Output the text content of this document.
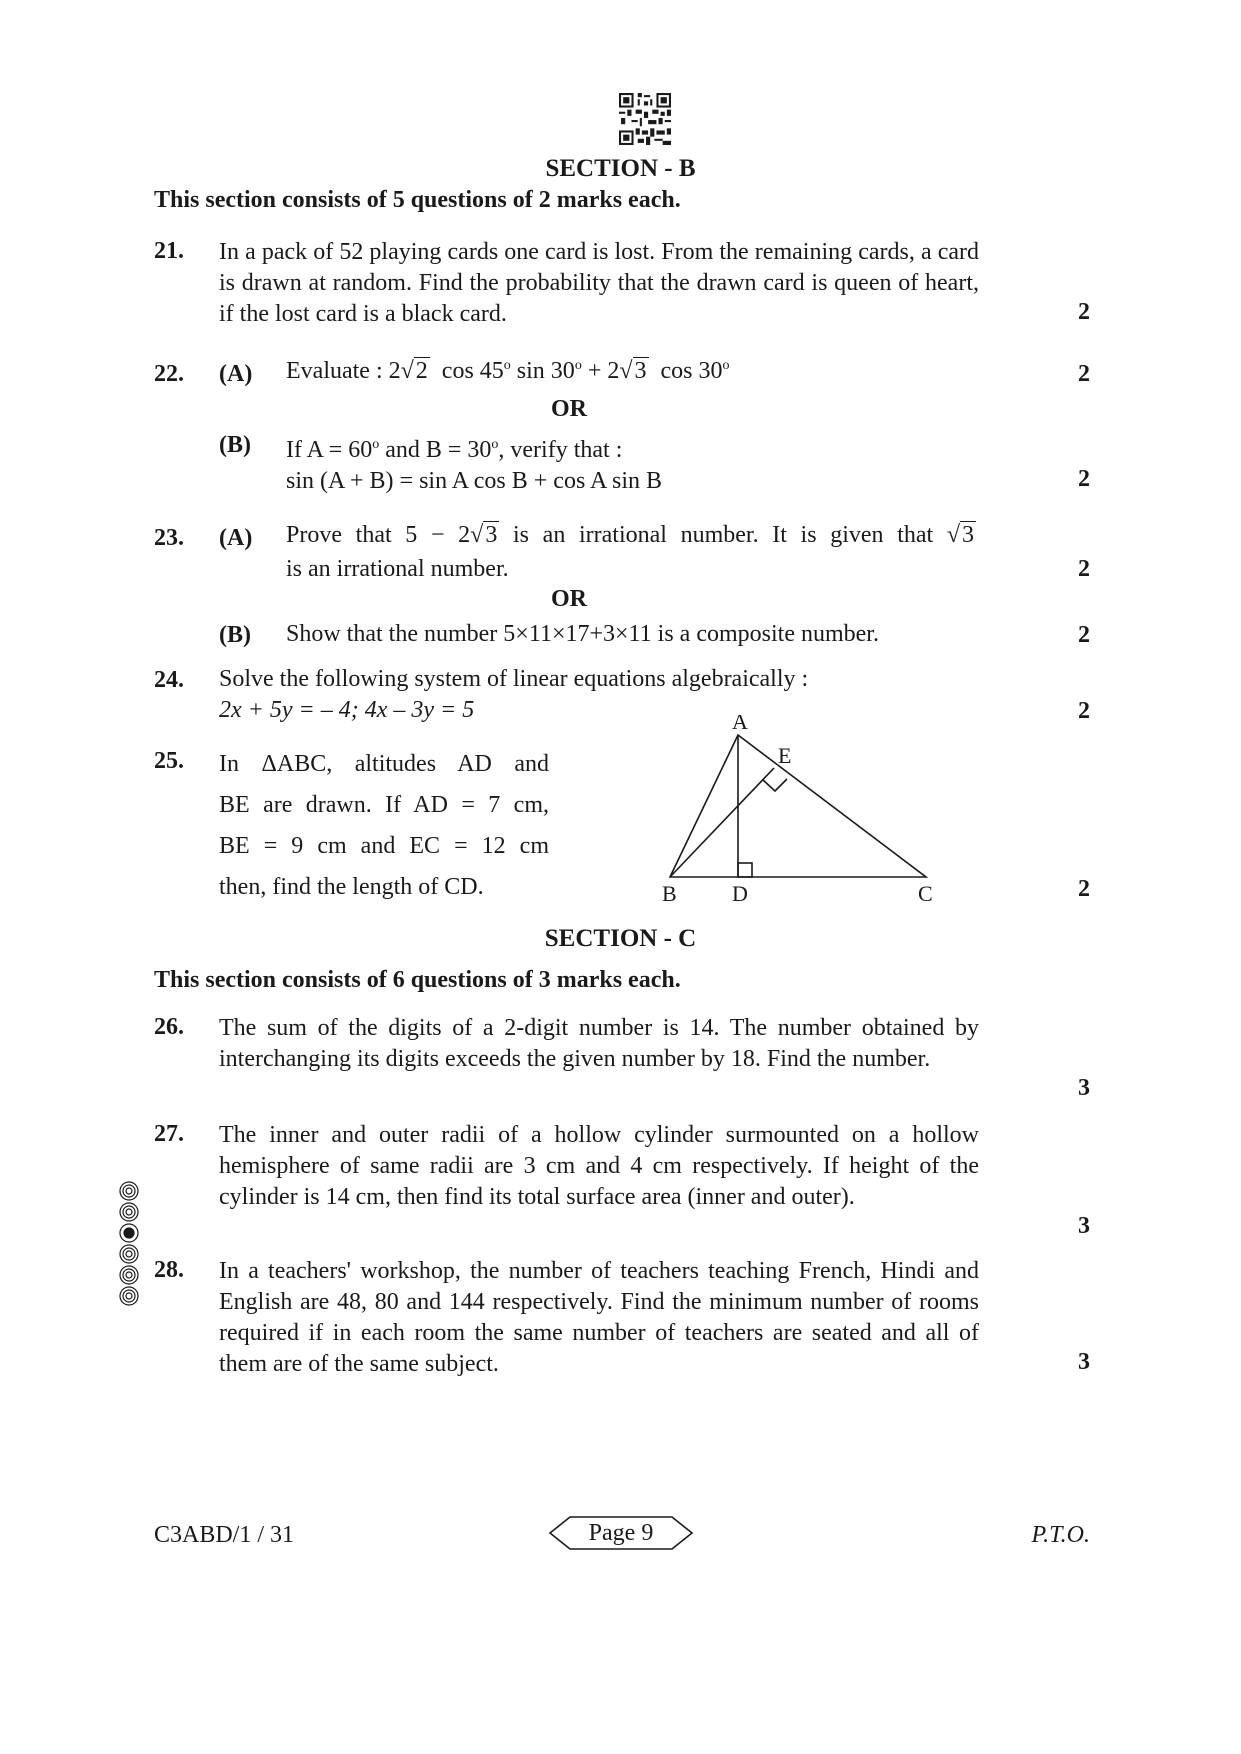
SECTION - B
This section consists of 5 questions of 2 marks each.
21. In a pack of 52 playing cards one card is lost. From the remaining cards, a card is drawn at random. Find the probability that the drawn card is queen of heart, if the lost card is a black card.	2
22. (A) Evaluate : 2√2 cos 45$^o$ $\sin 30^o + 2√3$ cos 30$^o$	2
OR
(B) If $A = 60^o$ and $B = 30^o$, verify that :
sin (A + B) = sin A cos B + cos A sin B	2
23. (A) Prove that 5 − 2√3 is an irrational number. It is given that √3
is an irrational number.	2
OR
(B) Show that the number 5×11×17+3×11 is a composite number.	2
24. Solve the following system of linear equations algebraically :
2x + 5y = – 4; 4x – 3y = 5	2
25. In ΔABC, altitudes AD and
BE are drawn. If AD = 7 cm,
BE = 9 cm and EC = 12 cm
then, find the length of CD.
A
E
B	D	C	2
SECTION - C
This section consists of 6 questions of 3 marks each.
26. The sum of the digits of a 2-digit number is 14. The number obtained by interchanging its digits exceeds the given number by 18. Find the number.
3
27. The inner and outer radii of a hollow cylinder surmounted on a hollow hemisphere of same radii are 3 cm and 4 cm respectively. If height of the cylinder is 14 cm, then find its total surface area (inner and outer).
3
28. In a teachers' workshop, the number of teachers teaching French, Hindi and English are 48, 80 and 144 respectively. Find the minimum number of rooms required if in each room the same number of teachers are seated and all of them are of the same subject.	3
C3ABD/1 / 31	Page 9	P.T.O.
